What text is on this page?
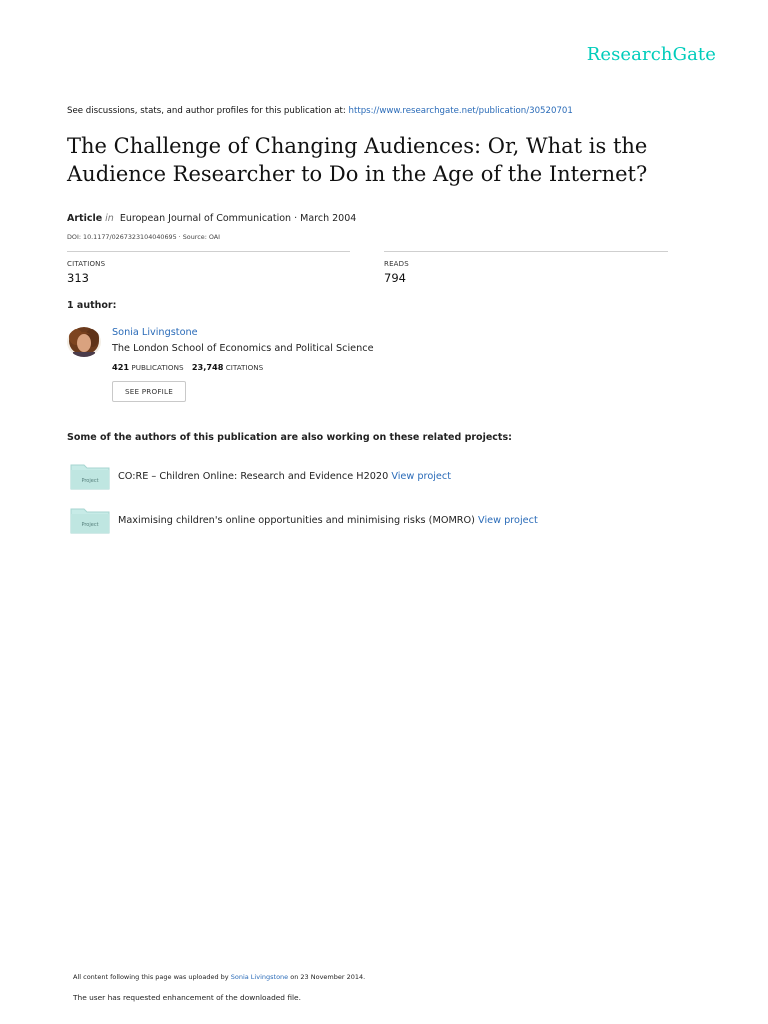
ResearchGate
See discussions, stats, and author profiles for this publication at: https://www.researchgate.net/publication/30520701
The Challenge of Changing Audiences: Or, What is the Audience Researcher to Do in the Age of the Internet?
Article in European Journal of Communication · March 2004
DOI: 10.1177/0267323104040695 · Source: OAI
CITATIONS
313
READS
794
1 author:
Sonia Livingstone
The London School of Economics and Political Science
421 PUBLICATIONS 23,748 CITATIONS
SEE PROFILE
Some of the authors of this publication are also working on these related projects:
Project CO:RE – Children Online: Research and Evidence H2020 View project
Project Maximising children's online opportunities and minimising risks (MOMRO) View project
All content following this page was uploaded by Sonia Livingstone on 23 November 2014.
The user has requested enhancement of the downloaded file.
